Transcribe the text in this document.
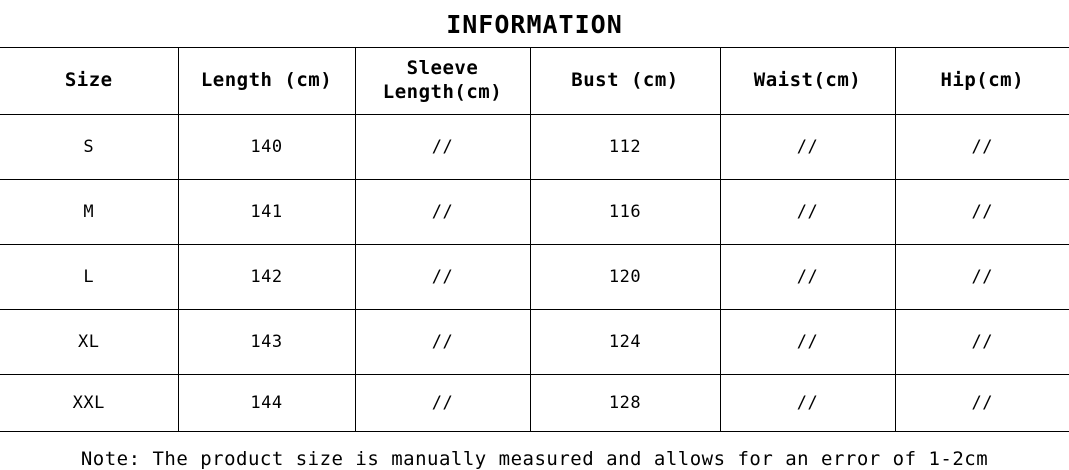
INFORMATION
Size	Length (cm)	Sleeve Length(cm)	Bust (cm)	Waist(cm)	Hip(cm)
S	140	//	112	//	//
M	141	//	116	//	//
L	142	//	120	//	//
XL	143	//	124	//	//
XXL	144	//	128	//	//
Note: The product size is manually measured and allows for an error of 1-2cm
